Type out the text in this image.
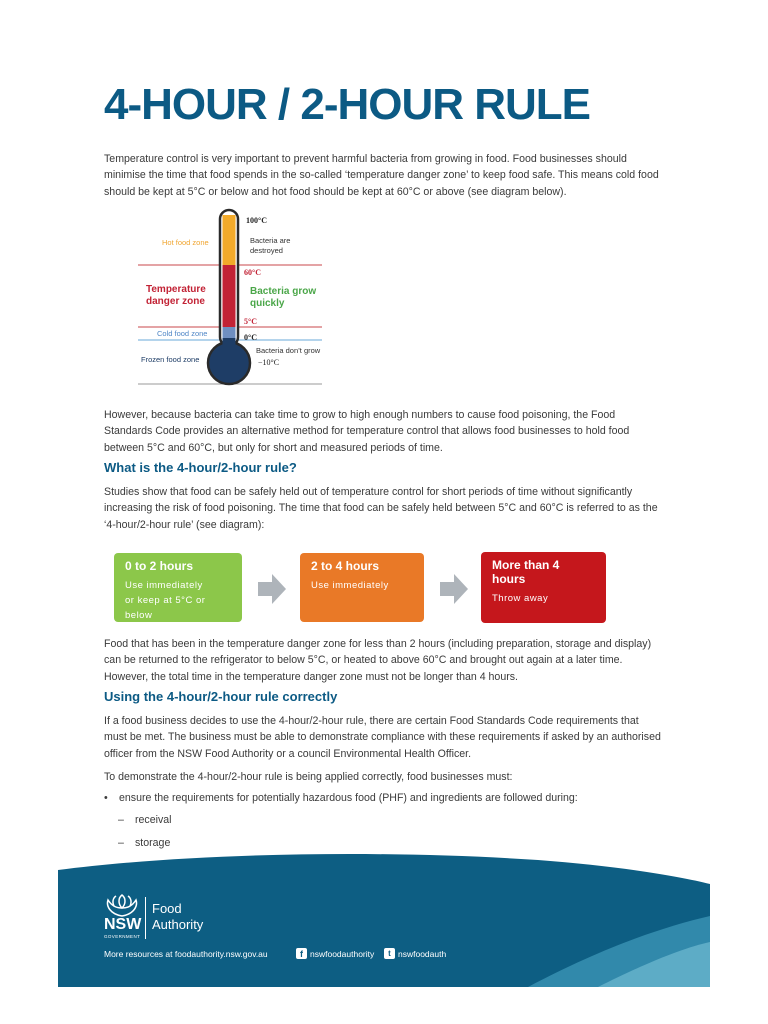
4-HOUR / 2-HOUR RULE

Temperature control is very important to prevent harmful bacteria from growing in food. Food businesses should minimise the time that food spends in the so-called ‘temperature danger zone’ to keep food safe. This means cold food should be kept at 5°C or below and hot food should be kept at 60°C or above (see diagram below).

Hot food zone
Temperature danger zone
Cold food zone
Frozen food zone
100°C
Bacteria are destroyed
60°C
Bacteria grow quickly
5°C
0°C
Bacteria don’t grow
−10°C

However, because bacteria can take time to grow to high enough numbers to cause food poisoning, the Food Standards Code provides an alternative method for temperature control that allows food businesses to hold food between 5°C and 60°C, but only for short and measured periods of time.

What is the 4-hour/2-hour rule?

Studies show that food can be safely held out of temperature control for short periods of time without significantly increasing the risk of food poisoning. The time that food can be safely held between 5°C and 60°C is referred to as the ‘4-hour/2-hour rule’ (see diagram):

0 to 2 hours
Use immediately
or keep at 5°C or below
or at 60°C or above
2 to 4 hours
Use immediately
More than 4 hours
Throw away

Food that has been in the temperature danger zone for less than 2 hours (including preparation, storage and display) can be returned to the refrigerator to below 5°C, or heated to above 60°C and brought out again at a later time. However, the total time in the temperature danger zone must not be longer than 4 hours.

Using the 4-hour/2-hour rule correctly

If a food business decides to use the 4-hour/2-hour rule, there are certain Food Standards Code requirements that must be met. The business must be able to demonstrate compliance with these requirements if asked by an authorised officer from the NSW Food Authority or a council Environmental Health Officer.

To demonstrate the 4-hour/2-hour rule is being applied correctly, food businesses must:

• ensure the requirements for potentially hazardous food (PHF) and ingredients are followed during:
– receival
– storage
NSW
GOVERNMENT
Food
Authority
More resources at foodauthority.nsw.gov.au	f nswfoodauthority	t nswfoodauth
